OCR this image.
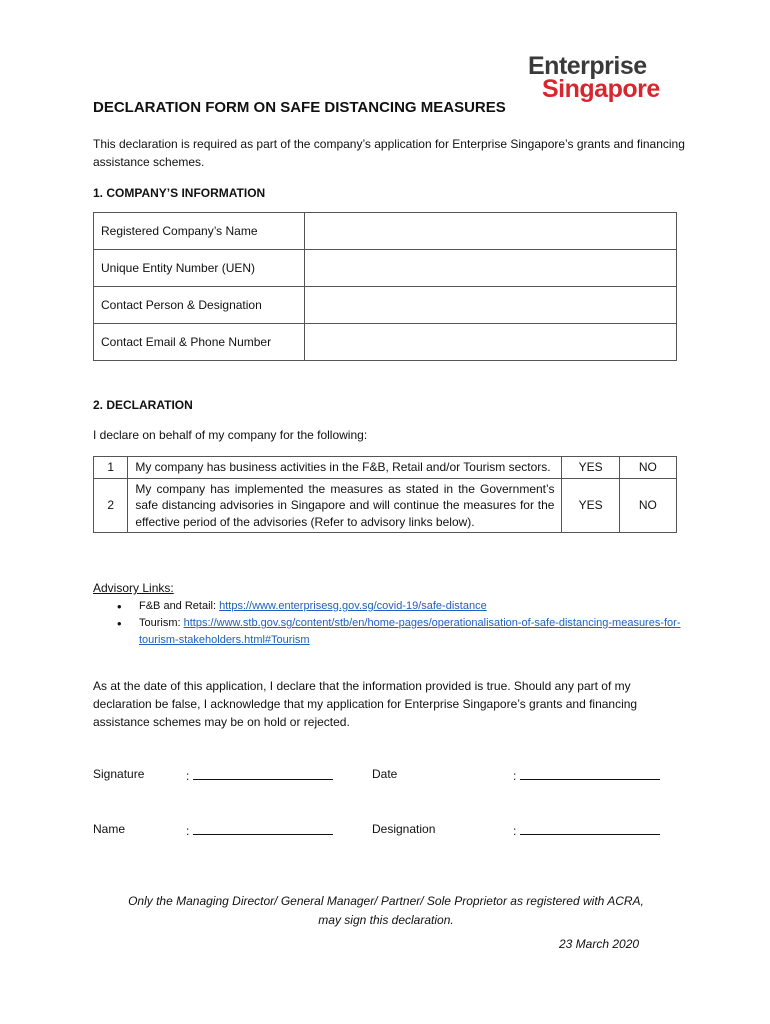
Enterprise
Singapore
DECLARATION FORM ON SAFE DISTANCING MEASURES
This declaration is required as part of the company’s application for Enterprise Singapore’s grants and financing assistance schemes.
1. COMPANY’S INFORMATION
Registered Company’s Name	
Unique Entity Number (UEN)	
Contact Person & Designation	
Contact Email & Phone Number	
2. DECLARATION
I declare on behalf of my company for the following:
1	My company has business activities in the F&B, Retail and/or Tourism sectors.	YES	NO
2	My company has implemented the measures as stated in the Government’s safe distancing advisories in Singapore and will continue the measures for the effective period of the advisories (Refer to advisory links below).	YES	NO
Advisory Links:
• F&B and Retail: https://www.enterprisesg.gov.sg/covid-19/safe-distance
• Tourism: https://www.stb.gov.sg/content/stb/en/home-pages/operationalisation-of-safe-distancing-measures-for-tourism-stakeholders.html#Tourism
As at the date of this application, I declare that the information provided is true. Should any part of my declaration be false, I acknowledge that my application for Enterprise Singapore’s grants and financing assistance schemes may be on hold or rejected.
Signature	:	Date	:
Name	:	Designation	:
Only the Managing Director/ General Manager/ Partner/ Sole Proprietor as registered with ACRA,
may sign this declaration.
23 March 2020
